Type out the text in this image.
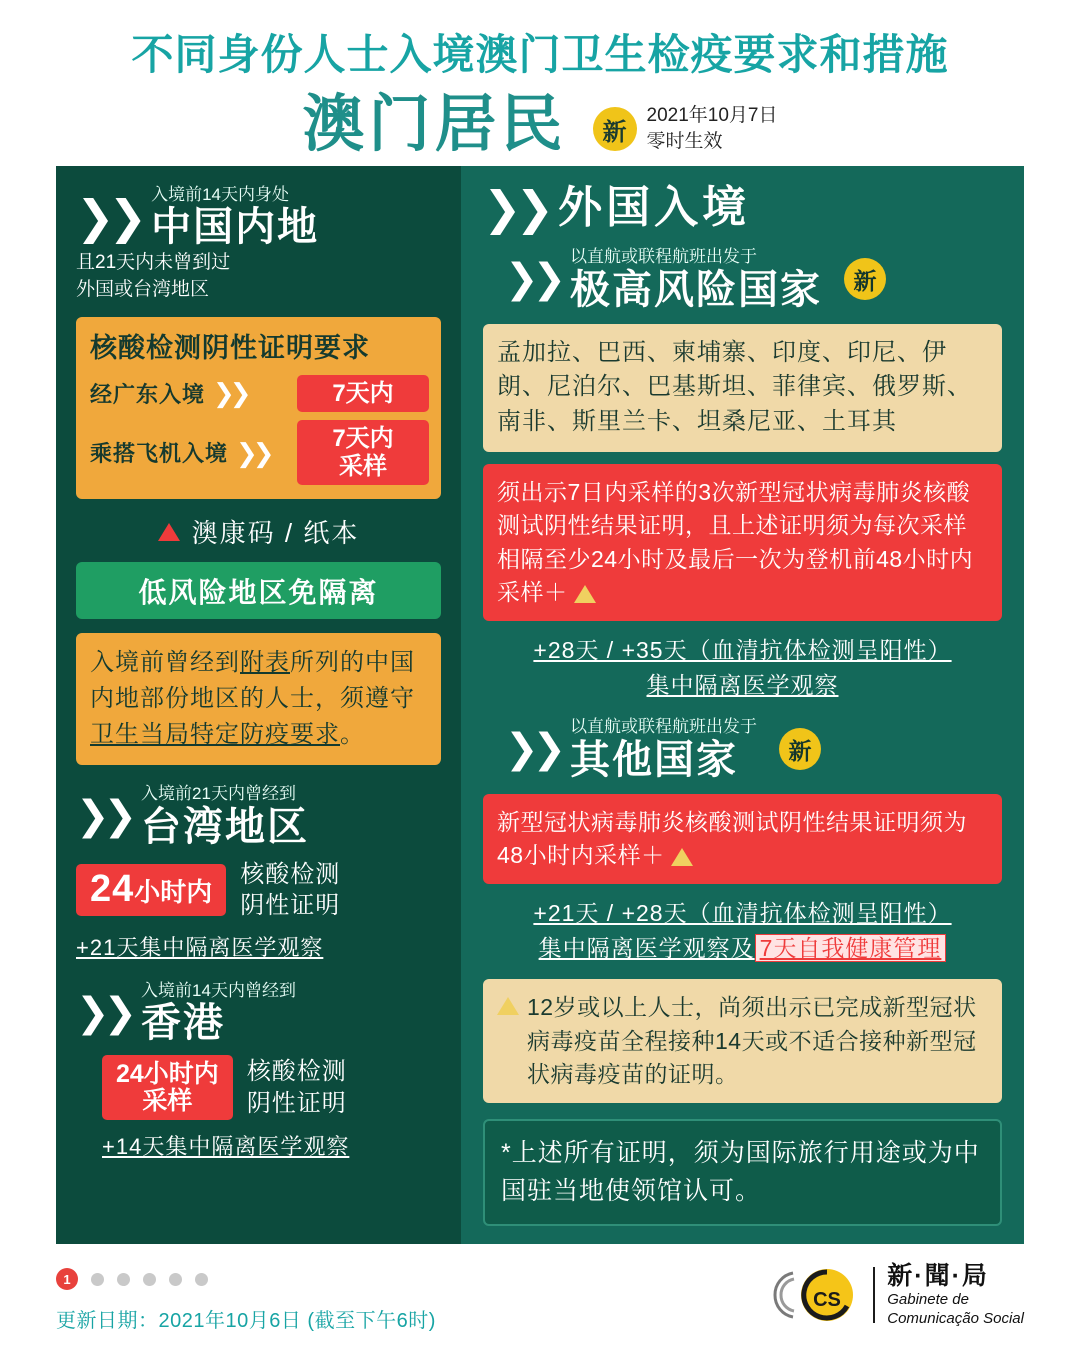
不同身份人士入境澳门卫生检疫要求和措施
澳门居民	新
2021年10月7日
零时生效
❯❯ 入境前14天内身处
中国内地
且21天内未曾到过
外国或台湾地区
核酸检测阴性证明要求
经广东入境 ❯❯	7天内
乘搭飞机入境 ❯❯	7天内
采样
澳康码 / 纸本
低风险地区免隔离
入境前曾经到附表所列的中国内地部份地区的人士，须遵守卫生当局特定防疫要求。
❯❯
入境前21天内曾经到
台湾地区
24小时内
核酸检测
阴性证明
+21天集中隔离医学观察
❯❯
入境前14天内曾经到
香港
24小时内
采样
核酸检测
阴性证明
+14天集中隔离医学观察
❯❯ 外国入境
❯❯
以直航或联程航班出发于
极高风险国家	新
孟加拉、巴西、柬埔寨、印度、印尼、伊朗、尼泊尔、巴基斯坦、菲律宾、俄罗斯、南非、斯里兰卡、坦桑尼亚、土耳其
须出示7日内采样的3次新型冠状病毒肺炎核酸测试阴性结果证明，且上述证明须为每次采样相隔至少24小时及最后一次为登机前48小时内采样＋
+28天 / +35天（血清抗体检测呈阳性）
集中隔离医学观察
❯❯
以直航或联程航班出发于
其他国家	新
新型冠状病毒肺炎核酸测试阴性结果证明须为48小时内采样＋
+21天 / +28天（血清抗体检测呈阳性）
集中隔离医学观察及 7天自我健康管理
12岁或以上人士，尚须出示已完成新型冠状病毒疫苗全程接种14天或不适合接种新型冠状病毒疫苗的证明。
*上述所有证明，须为国际旅行用途或为中国驻当地使领馆认可。
1
更新日期：2021年10月6日 (截至下午6时)
CS
新·聞·局
Gabinete de
Comunicação Social
